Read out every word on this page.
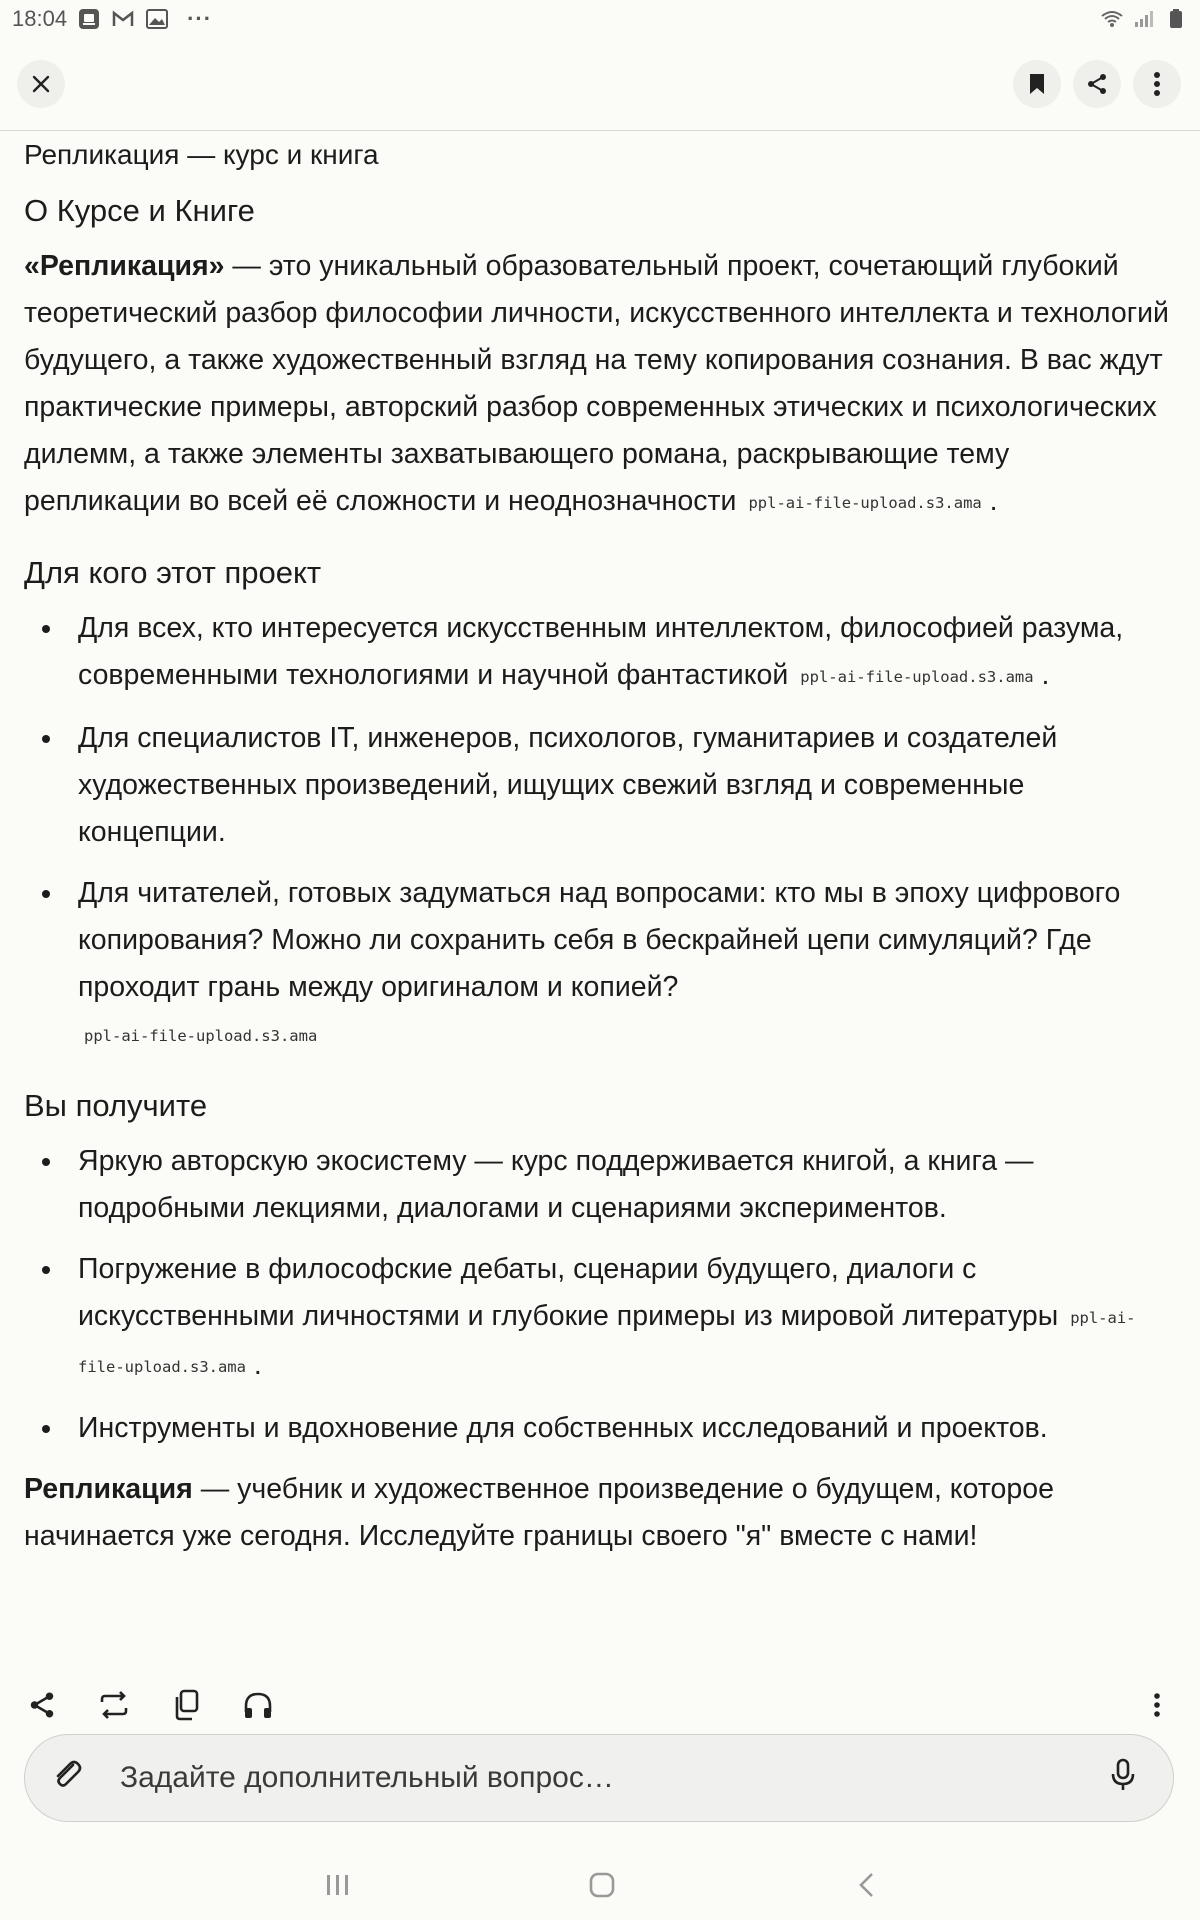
18:04	···
Репликация — курс и книга
О Курсе и Книге

«Репликация» — это уникальный образовательный проект, сочетающий глубокий теоретический разбор философии личности, искусственного интеллекта и технологий будущего, а также художественный взгляд на тему копирования сознания. В вас ждут практические примеры, авторский разбор современных этических и психологических дилемм, а также элементы захватывающего романа, раскрывающие тему репликации во всей её сложности и неоднозначности ppl-ai-file-upload.s3.ama .

Для кого этот проект
Для всех, кто интересуется искусственным интеллектом, философией разума, современными технологиями и научной фантастикой ppl-ai-file-upload.s3.ama .
Для специалистов IT, инженеров, психологов, гуманитариев и создателей художественных произведений, ищущих свежий взгляд и современные концепции.
Для читателей, готовых задуматься над вопросами: кто мы в эпоху цифрового копирования? Можно ли сохранить себя в бескрайней цепи симуляций? Где проходит грань между оригиналом и копией?
ppl-ai-file-upload.s3.ama
Вы получите
Яркую авторскую экосистему — курс поддерживается книгой, а книга — подробными лекциями, диалогами и сценариями экспериментов.
Погружение в философские дебаты, сценарии будущего, диалоги с искусственными личностями и глубокие примеры из мировой литературы ppl-ai-file-upload.s3.ama .
Инструменты и вдохновение для собственных исследований и проектов.

Репликация — учебник и художественное произведение о будущем, которое начинается уже сегодня. Исследуйте границы своего "я" вместе с нами!

Задайте дополнительный вопрос…
